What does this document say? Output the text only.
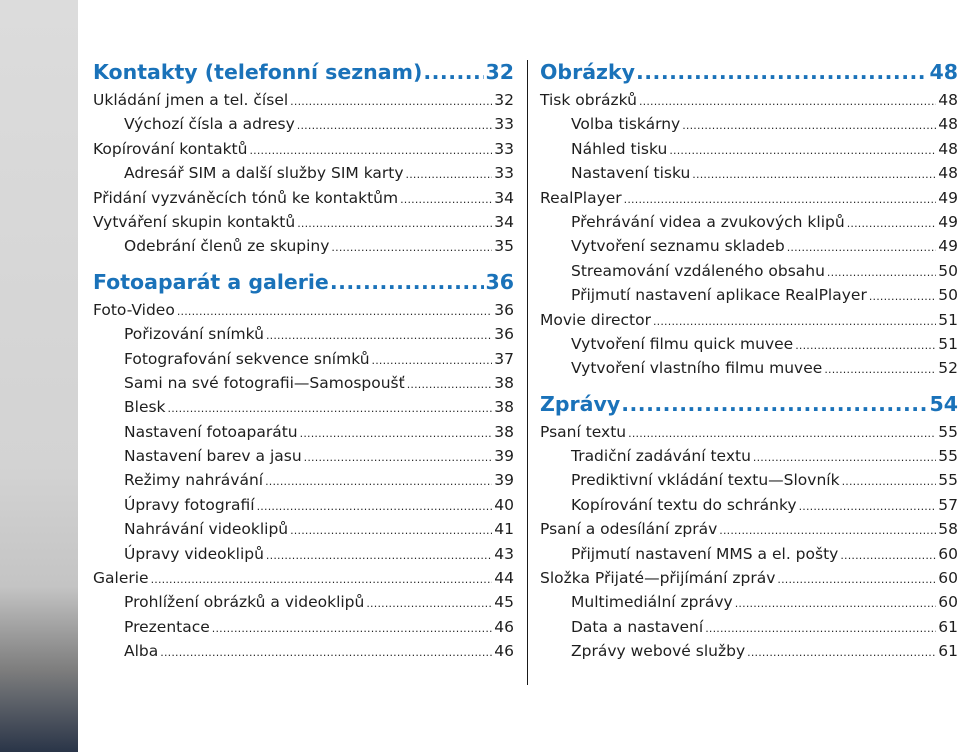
Kontakty (telefonní seznam) .....	32
Ukládání jmen a tel. čísel .....	32
Výchozí čísla a adresy .....	33
Kopírování kontaktů .....	33
Adresář SIM a další služby SIM karty .....	33
Přidání vyzváněcích tónů ke kontaktům .....	34
Vytváření skupin kontaktů .....	34
Odebrání členů ze skupiny .....	35
Fotoaparát a galerie .....	36
Foto-Video .....	36
Pořizování snímků .....	36
Fotografování sekvence snímků .....	37
Sami na své fotografii—Samospoušť .....	38
Blesk .....	38
Nastavení fotoaparátu .....	38
Nastavení barev a jasu .....	39
Režimy nahrávání .....	39
Úpravy fotografií .....	40
Nahrávání videoklipů .....	41
Úpravy videoklipů .....	43
Galerie .....	44
Prohlížení obrázků a videoklipů .....	45
Prezentace .....	46
Alba .....	46
Obrázky .....	48
Tisk obrázků .....	48
Volba tiskárny .....	48
Náhled tisku .....	48
Nastavení tisku .....	48
RealPlayer .....	49
Přehrávání videa a zvukových klipů .....	49
Vytvoření seznamu skladeb .....	49
Streamování vzdáleného obsahu .....	50
Přijmutí nastavení aplikace RealPlayer .....	50
Movie director .....	51
Vytvoření filmu quick muvee .....	51
Vytvoření vlastního filmu muvee .....	52
Zprávy .....	54
Psaní textu .....	55
Tradiční zadávání textu .....	55
Prediktivní vkládání textu—Slovník .....	55
Kopírování textu do schránky .....	57
Psaní a odesílání zpráv .....	58
Přijmutí nastavení MMS a el. pošty .....	60
Složka Přijaté—přijímání zpráv .....	60
Multimediální zprávy .....	60
Data a nastavení .....	61
Zprávy webové služby .....	61
